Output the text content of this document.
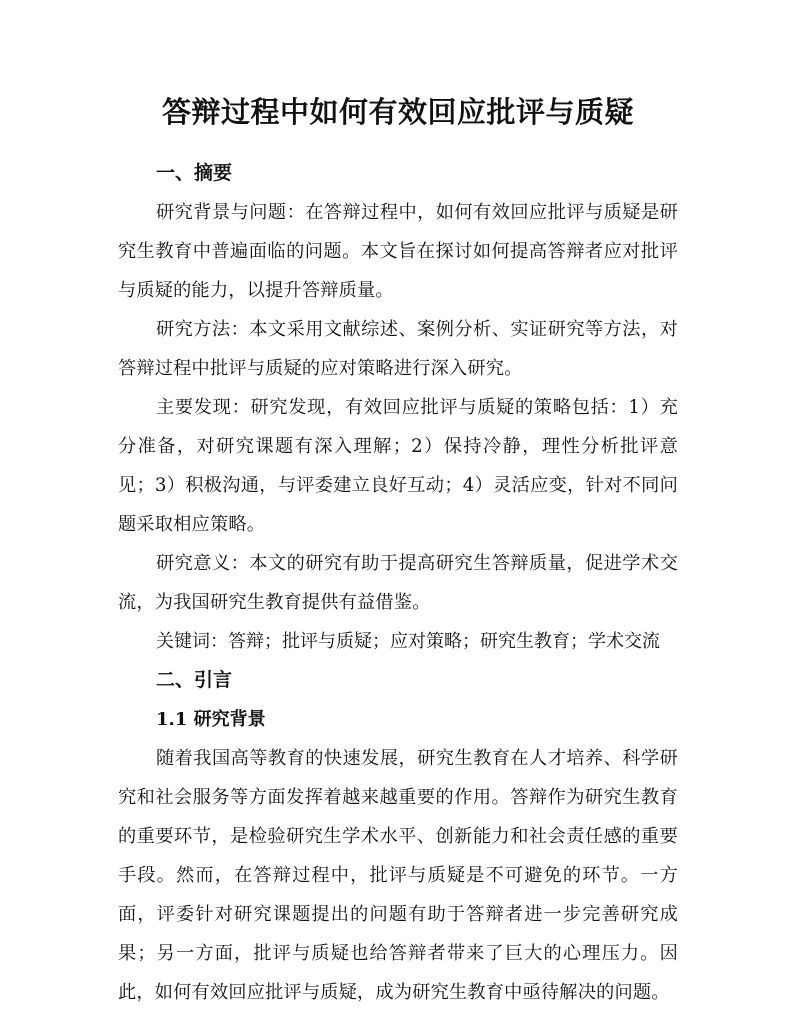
答辩过程中如何有效回应批评与质疑
一、摘要

研究背景与问题：在答辩过程中，如何有效回应批评与质疑是研究生教育中普遍面临的问题。本文旨在探讨如何提高答辩者应对批评与质疑的能力，以提升答辩质量。

研究方法：本文采用文献综述、案例分析、实证研究等方法，对答辩过程中批评与质疑的应对策略进行深入研究。

主要发现：研究发现，有效回应批评与质疑的策略包括：1）充分准备，对研究课题有深入理解；2）保持冷静，理性分析批评意见；3）积极沟通，与评委建立良好互动；4）灵活应变，针对不同问题采取相应策略。

研究意义：本文的研究有助于提高研究生答辩质量，促进学术交流，为我国研究生教育提供有益借鉴。

关键词：答辩；批评与质疑；应对策略；研究生教育；学术交流

二、引言
1.1 研究背景

随着我国高等教育的快速发展，研究生教育在人才培养、科学研究和社会服务等方面发挥着越来越重要的作用。答辩作为研究生教育的重要环节，是检验研究生学术水平、创新能力和社会责任感的重要手段。然而，在答辩过程中，批评与质疑是不可避免的环节。一方面，评委针对研究课题提出的问题有助于答辩者进一步完善研究成果；另一方面，批评与质疑也给答辩者带来了巨大的心理压力。因此，如何有效回应批评与质疑，成为研究生教育中亟待解决的问题。
